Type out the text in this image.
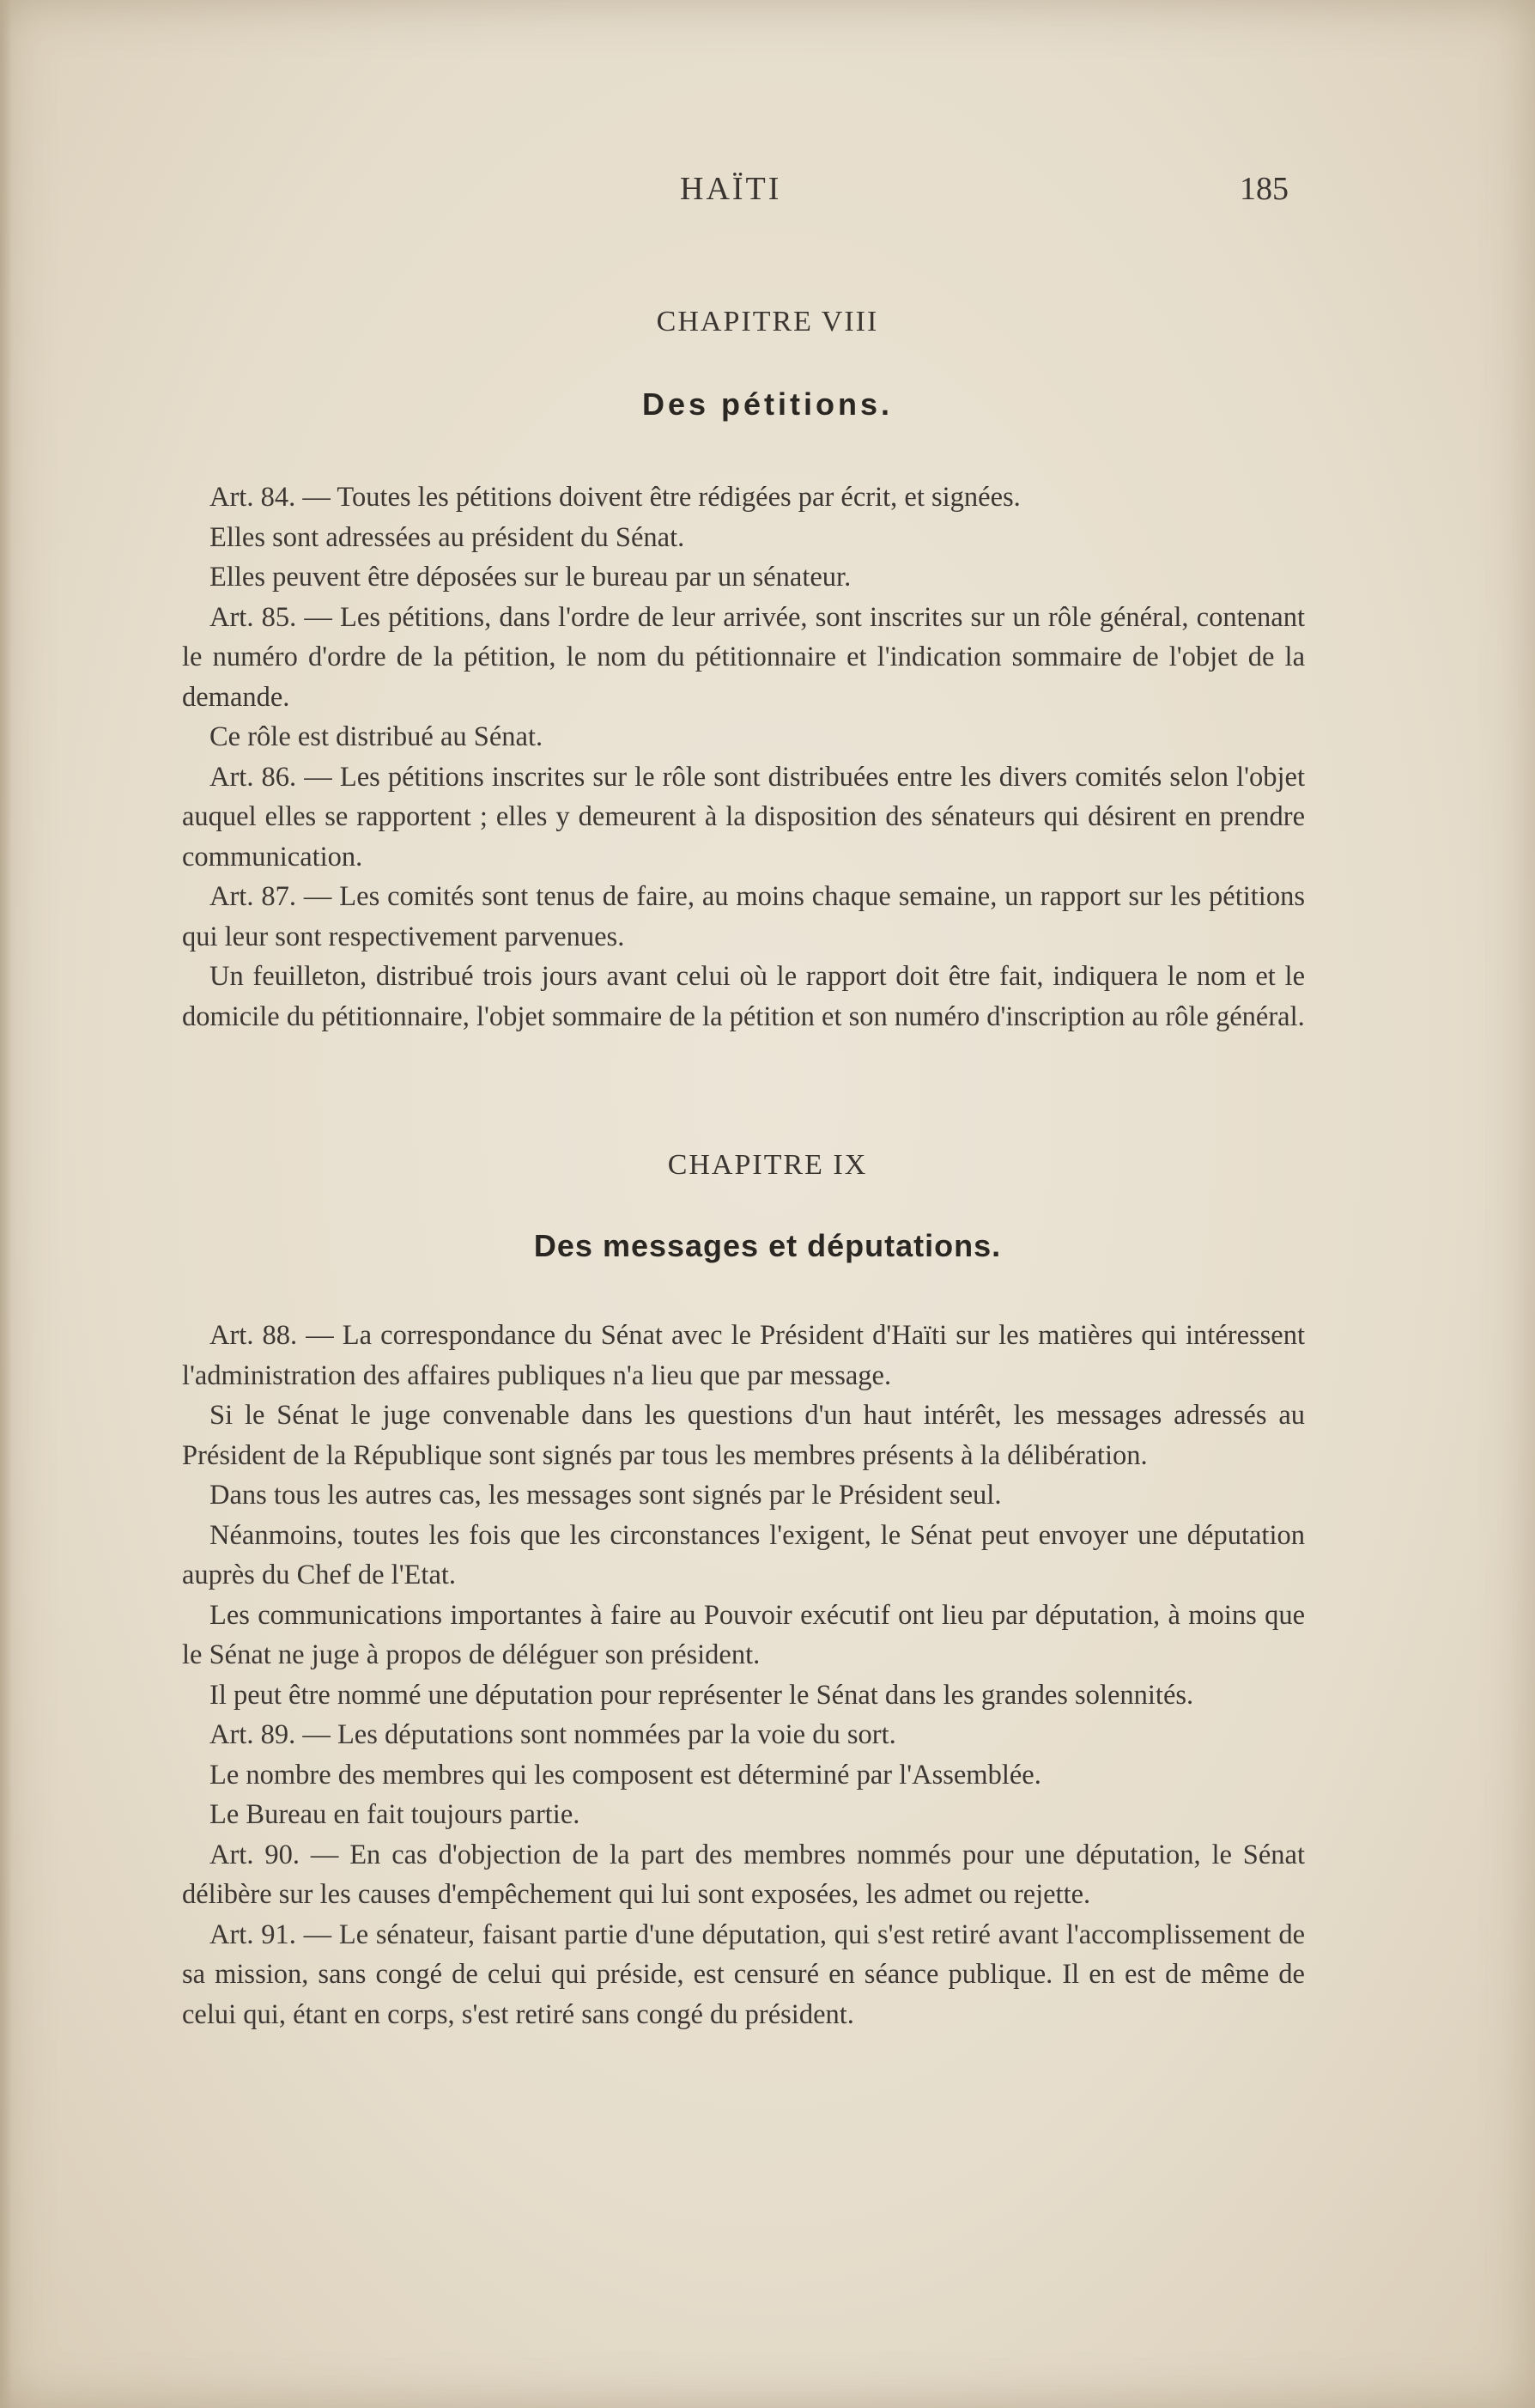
HAÏTI	185
CHAPITRE VIII
Des pétitions.

Art. 84. — Toutes les pétitions doivent être rédigées par écrit, et signées.

Elles sont adressées au président du Sénat.

Elles peuvent être déposées sur le bureau par un sénateur.

Art. 85. — Les pétitions, dans l'ordre de leur arrivée, sont inscrites sur un rôle général, contenant le numéro d'ordre de la pétition, le nom du pétitionnaire et l'indication sommaire de l'objet de la demande.

Ce rôle est distribué au Sénat.

Art. 86. — Les pétitions inscrites sur le rôle sont distribuées entre les divers comités selon l'objet auquel elles se rapportent ; elles y demeurent à la disposition des sénateurs qui désirent en prendre communication.

Art. 87. — Les comités sont tenus de faire, au moins chaque semaine, un rapport sur les pétitions qui leur sont respectivement parvenues.

Un feuilleton, distribué trois jours avant celui où le rapport doit être fait, indiquera le nom et le domicile du pétitionnaire, l'objet sommaire de la pétition et son numéro d'inscription au rôle général.

CHAPITRE IX
Des messages et députations.

Art. 88. — La correspondance du Sénat avec le Président d'Haïti sur les matières qui intéressent l'administration des affaires publiques n'a lieu que par message.

Si le Sénat le juge convenable dans les questions d'un haut intérêt, les messages adressés au Président de la République sont signés par tous les membres présents à la délibération.

Dans tous les autres cas, les messages sont signés par le Président seul.

Néanmoins, toutes les fois que les circonstances l'exigent, le Sénat peut envoyer une députation auprès du Chef de l'Etat.

Les communications importantes à faire au Pouvoir exécutif ont lieu par députation, à moins que le Sénat ne juge à propos de déléguer son président.

Il peut être nommé une députation pour représenter le Sénat dans les grandes solennités.

Art. 89. — Les députations sont nommées par la voie du sort.

Le nombre des membres qui les composent est déterminé par l'Assemblée.

Le Bureau en fait toujours partie.

Art. 90. — En cas d'objection de la part des membres nommés pour une députation, le Sénat délibère sur les causes d'empêchement qui lui sont exposées, les admet ou rejette.

Art. 91. — Le sénateur, faisant partie d'une députation, qui s'est retiré avant l'accomplissement de sa mission, sans congé de celui qui préside, est censuré en séance publique. Il en est de même de celui qui, étant en corps, s'est retiré sans congé du président.
